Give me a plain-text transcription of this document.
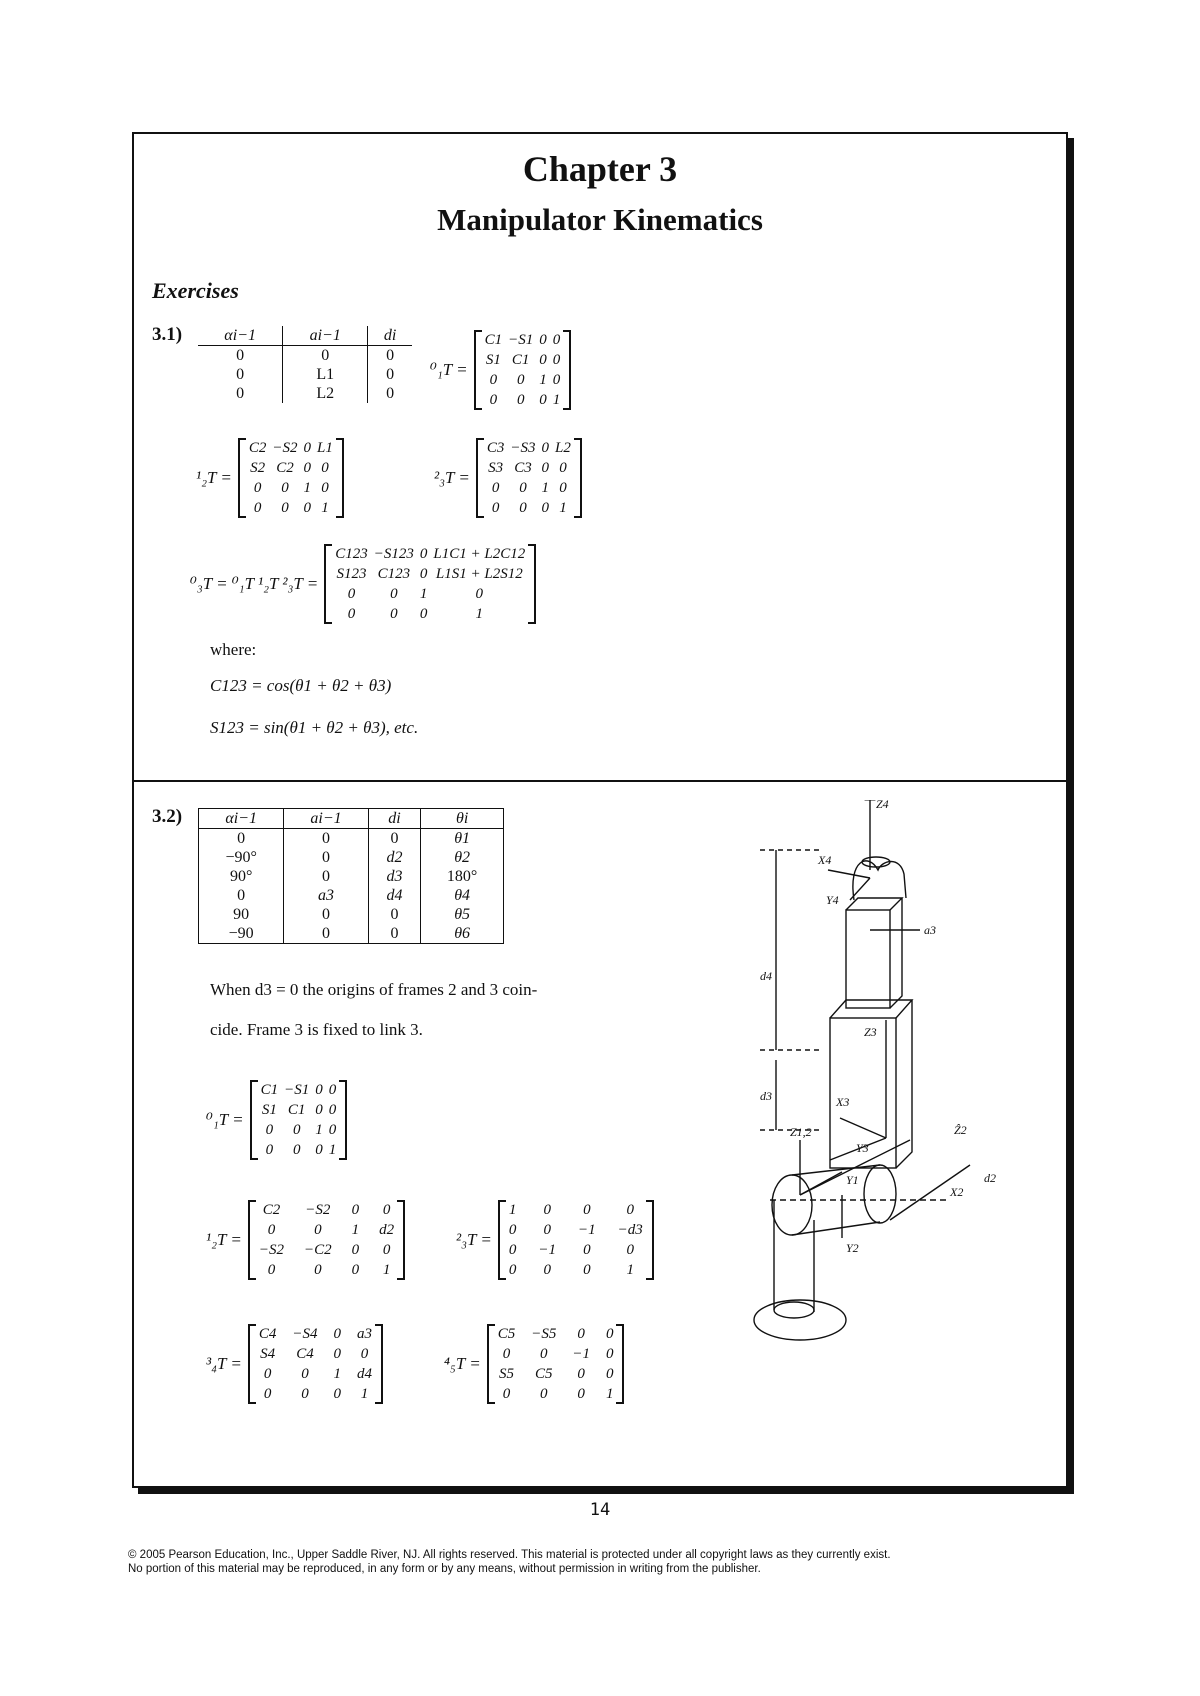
Chapter 3
Manipulator Kinematics
Exercises
3.1)	αi−1	ai−1	di
0	0	0
0	L1	0
0	L2	0
⁰₁T =
C1 −S1 0 0
S1 C1 0 0
0	0 1 0
0	0 0 1
¹₂T =
C2 −S2 0 L1
S2 C2 0 0
0	0 1 0
0	0 0 1
²₃T =
C3 −S3 0 L2
S3 C3 0 0
0	0 1 0
0	0 0 1
⁰₃T = ⁰₁T ¹₂T ²₃T =
C123 −S123 0 L1C1 + L2C12
S123 C123 0 L1S1 + L2S12
0	0	1	0
0	0	0	1
where:
C123 = cos(θ1 + θ2 + θ3)
S123 = sin(θ1 + θ2 + θ3), etc.
3.2)	αi−1	ai−1	di	θi
0	0	0	θ1
−90°	0	d2	θ2
90°	0	d3	180°
0	a3	d4	θ4
90	0	0	θ5
−90	0	0	θ6
When d3 = 0 the origins of frames 2 and 3 coin-
cide. Frame 3 is fixed to link 3.
⁰₁T =
C1 −S1 0 0
S1 C1 0 0
0	0 1 0
0	0 0 1
¹₂T =
C2	−S2 0	0
0	0	1 d2
−S2 −C2 0	0
0	0	0	1
²₃T =
1	0	0	0
0	0	−1 −d3
0 −1	0	0
0	0	0	1
³₄T =
C4 −S4 0 a3
S4	C4	0	0
0	0	1 d4
0	0	0	1
⁴₅T =
C5 −S5	0	0
0	0	−1 0
S5	C5	0	0
0	0	0	1
Z4
X4
Y4
a3
d4
Z3
X3
Y3
d3
Z1,2	Ẑ2
X2
d2
Y1
Y2
14
© 2005 Pearson Education, Inc., Upper Saddle River, NJ. All rights reserved. This material is protected under all copyright laws as they currently exist.
No portion of this material may be reproduced, in any form or by any means, without permission in writing from the publisher.
